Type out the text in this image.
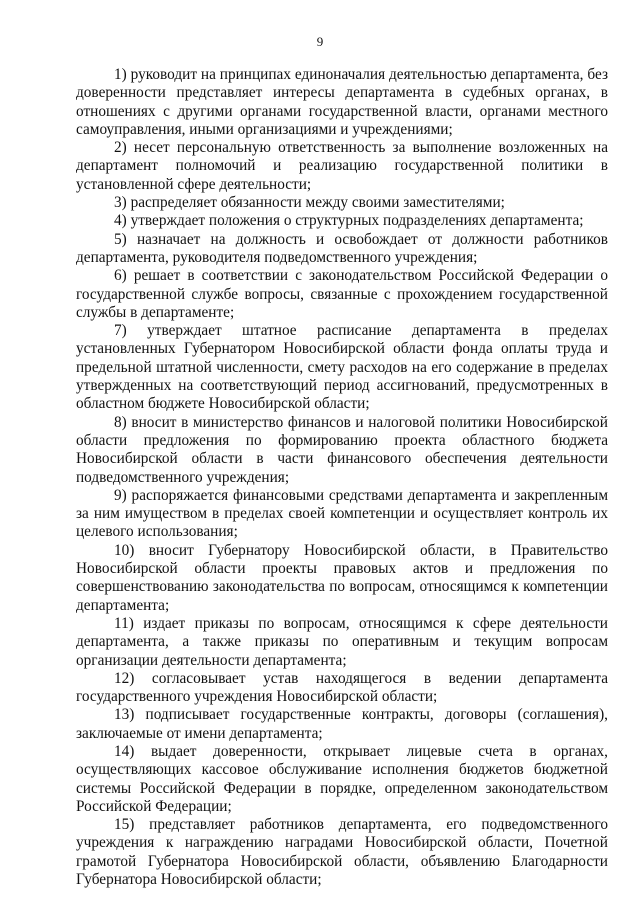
9

1) руководит на принципах единоначалия деятельностью департамента, без доверенности представляет интересы департамента в судебных органах, в отношениях с другими органами государственной власти, органами местного самоуправления, иными организациями и учреждениями;

2) несет персональную ответственность за выполнение возложенных на департамент полномочий и реализацию государственной политики в установленной сфере деятельности;

3) распределяет обязанности между своими заместителями;

4) утверждает положения о структурных подразделениях департамента;

5) назначает на должность и освобождает от должности работников департамента, руководителя подведомственного учреждения;

6) решает в соответствии с законодательством Российской Федерации о государственной службе вопросы, связанные с прохождением государственной службы в департаменте;

7) утверждает штатное расписание департамента в пределах установленных Губернатором Новосибирской области фонда оплаты труда и предельной штатной численности, смету расходов на его содержание в пределах утвержденных на соответствующий период ассигнований, предусмотренных в областном бюджете Новосибирской области;

8) вносит в министерство финансов и налоговой политики Новосибирской области предложения по формированию проекта областного бюджета Новосибирской области в части финансового обеспечения деятельности подведомственного учреждения;

9) распоряжается финансовыми средствами департамента и закрепленным за ним имуществом в пределах своей компетенции и осуществляет контроль их целевого использования;

10) вносит Губернатору Новосибирской области, в Правительство Новосибирской области проекты правовых актов и предложения по совершенствованию законодательства по вопросам, относящимся к компетенции департамента;

11) издает приказы по вопросам, относящимся к сфере деятельности департамента, а также приказы по оперативным и текущим вопросам организации деятельности департамента;

12) согласовывает устав находящегося в ведении департамента государственного учреждения Новосибирской области;

13) подписывает государственные контракты, договоры (соглашения), заключаемые от имени департамента;

14) выдает доверенности, открывает лицевые счета в органах, осуществляющих кассовое обслуживание исполнения бюджетов бюджетной системы Российской Федерации в порядке, определенном законодательством Российской Федерации;

15) представляет работников департамента, его подведомственного учреждения к награждению наградами Новосибирской области, Почетной грамотой Губернатора Новосибирской области, объявлению Благодарности Губернатора Новосибирской области;
